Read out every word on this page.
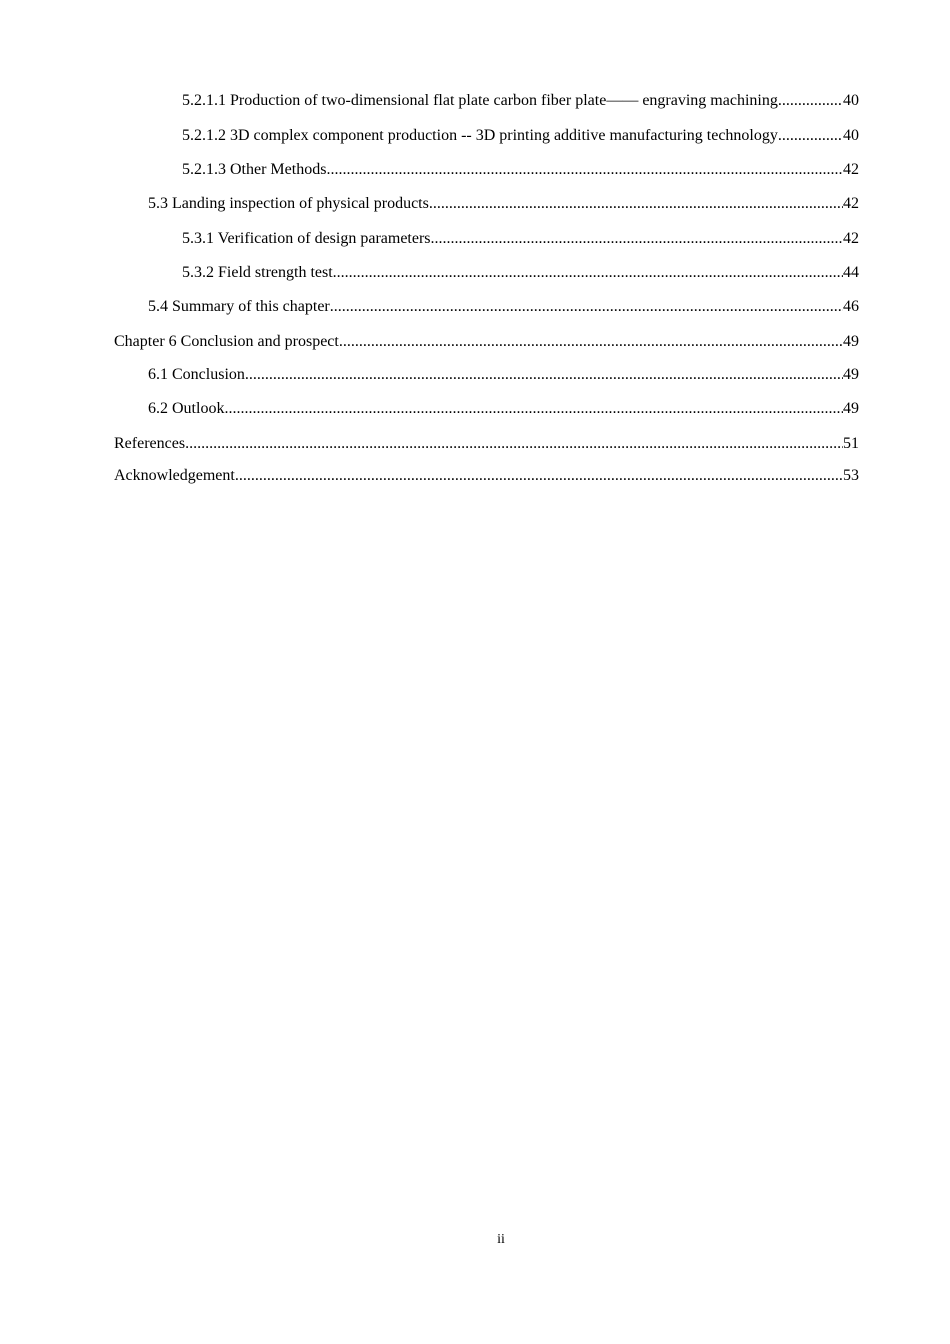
5.2.1.1 Production of two-dimensional flat plate carbon fiber plate—— engraving machining .....	40
5.2.1.2 3D complex component production -- 3D printing additive manufacturing technology .....	40
5.2.1.3 Other Methods .....	42
5.3 Landing inspection of physical products .....	42
5.3.1 Verification of design parameters .....	42
5.3.2 Field strength test .....	44
5.4 Summary of this chapter .....	46
Chapter 6 Conclusion and prospect .....	49
6.1 Conclusion .....	49
6.2 Outlook .....	49
References .....	51
Acknowledgement .....	53
ii
